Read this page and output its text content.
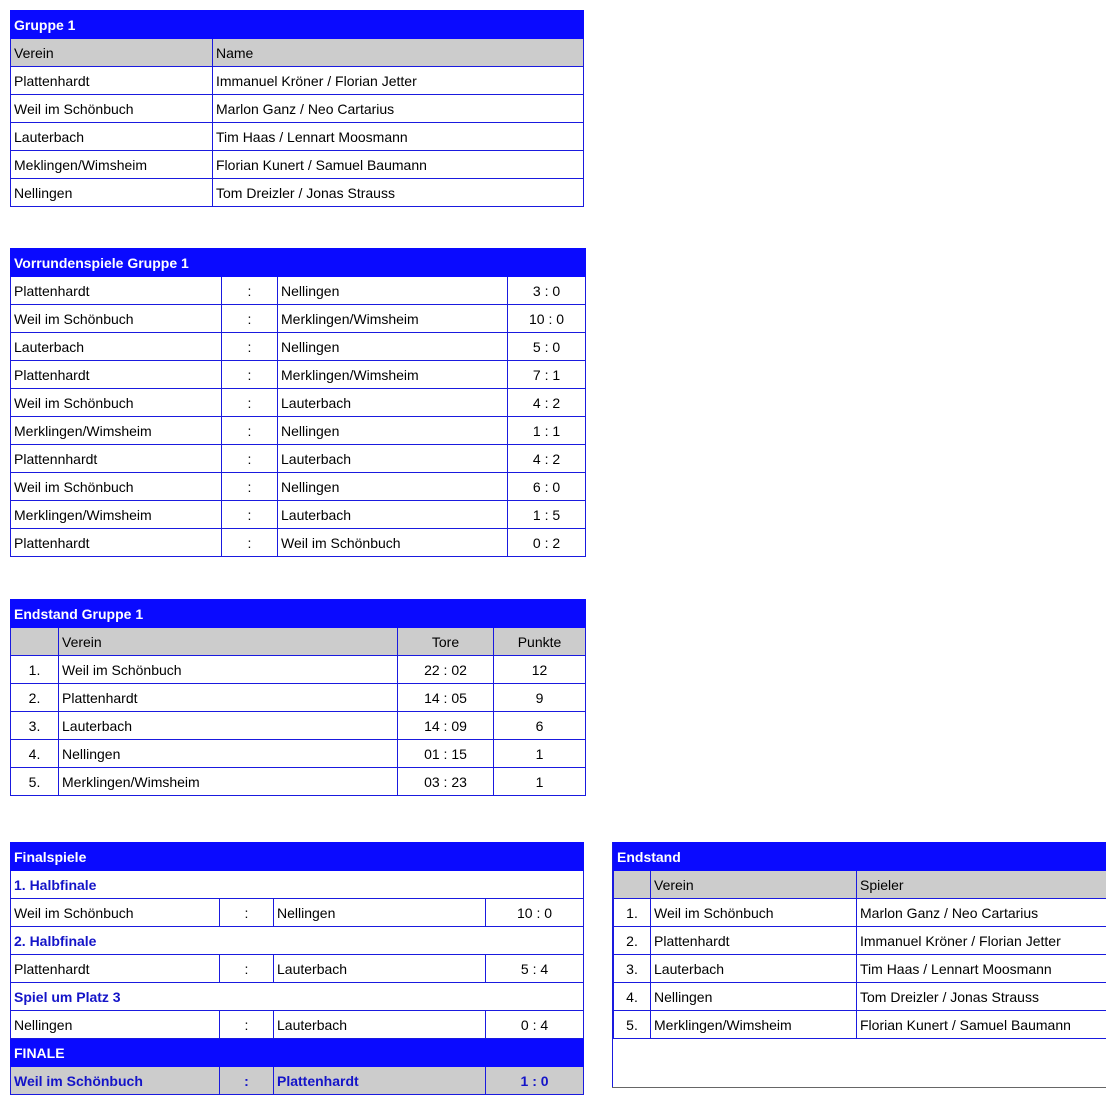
Gruppe 1	
Verein	Name
Plattenhardt	Immanuel Kröner / Florian Jetter
Weil im Schönbuch	Marlon Ganz / Neo Cartarius
Lauterbach	Tim Haas / Lennart Moosmann
Meklingen/Wimsheim	Florian Kunert / Samuel Baumann
Nellingen	Tom Dreizler / Jonas Strauss
Vorrundenspiele Gruppe 1			
Plattenhardt	:	Nellingen	3 : 0
Weil im Schönbuch	:	Merklingen/Wimsheim	10 : 0
Lauterbach	:	Nellingen	5 : 0
Plattenhardt	:	Merklingen/Wimsheim	7 : 1
Weil im Schönbuch	:	Lauterbach	4 : 2
Merklingen/Wimsheim	:	Nellingen	1 : 1
Plattennhardt	:	Lauterbach	4 : 2
Weil im Schönbuch	:	Nellingen	6 : 0
Merklingen/Wimsheim	:	Lauterbach	1 : 5
Plattenhardt	:	Weil im Schönbuch	0 : 2
Endstand Gruppe 1			
	Verein	Tore	Punkte
1.	Weil im Schönbuch	22 : 02	12
2.	Plattenhardt	14 : 05	9
3.	Lauterbach	14 : 09	6
4.	Nellingen	01 : 15	1
5.	Merklingen/Wimsheim	03 : 23	1
Finalspiele			
1. Halbfinale			
Weil im Schönbuch	:	Nellingen	10 : 0
2. Halbfinale			
Plattenhardt	:	Lauterbach	5 : 4
Spiel um Platz 3			
Nellingen	:	Lauterbach	0 : 4
FINALE			
Weil im Schönbuch	:	Plattenhardt	1 : 0
Endstand		
	Verein	Spieler
1.	Weil im Schönbuch	Marlon Ganz / Neo Cartarius
2.	Plattenhardt	Immanuel Kröner / Florian Jetter
3.	Lauterbach	Tim Haas / Lennart Moosmann
4.	Nellingen	Tom Dreizler / Jonas Strauss
5.	Merklingen/Wimsheim	Florian Kunert / Samuel Baumann
